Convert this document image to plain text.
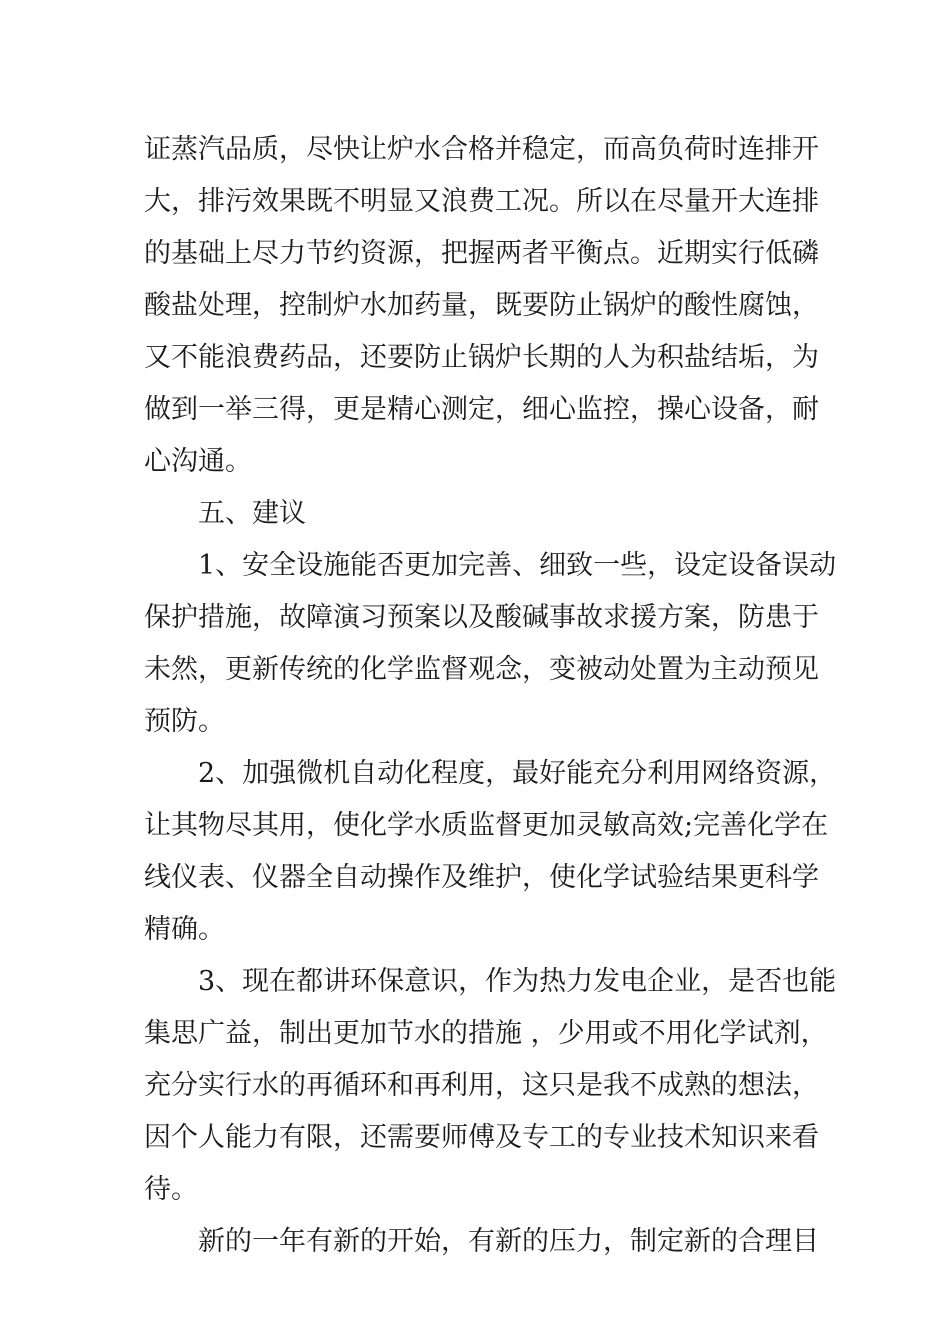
证蒸汽品质，尽快让炉水合格并稳定，而高负荷时连排开
大，排污效果既不明显又浪费工况。所以在尽量开大连排
的基础上尽力节约资源，把握两者平衡点。近期实行低磷
酸盐处理，控制炉水加药量，既要防止锅炉的酸性腐蚀，
又不能浪费药品，还要防止锅炉长期的人为积盐结垢，为
做到一举三得，更是精心测定，细心监控，操心设备，耐
心沟通。
五、建议
1、安全设施能否更加完善、细致一些，设定设备误动
保护措施，故障演习预案以及酸碱事故求援方案，防患于
未然，更新传统的化学监督观念，变被动处置为主动预见
预防。
2、加强微机自动化程度，最好能充分利用网络资源，
让其物尽其用，使化学水质监督更加灵敏高效;完善化学在
线仪表、仪器全自动操作及维护，使化学试验结果更科学
精确。
3、现在都讲环保意识，作为热力发电企业，是否也能
集思广益，制出更加节水的措施 ，少用或不用化学试剂，
充分实行水的再循环和再利用，这只是我不成熟的想法，
因个人能力有限，还需要师傅及专工的专业技术知识来看
待。
新的一年有新的开始，有新的压力，制定新的合理目
